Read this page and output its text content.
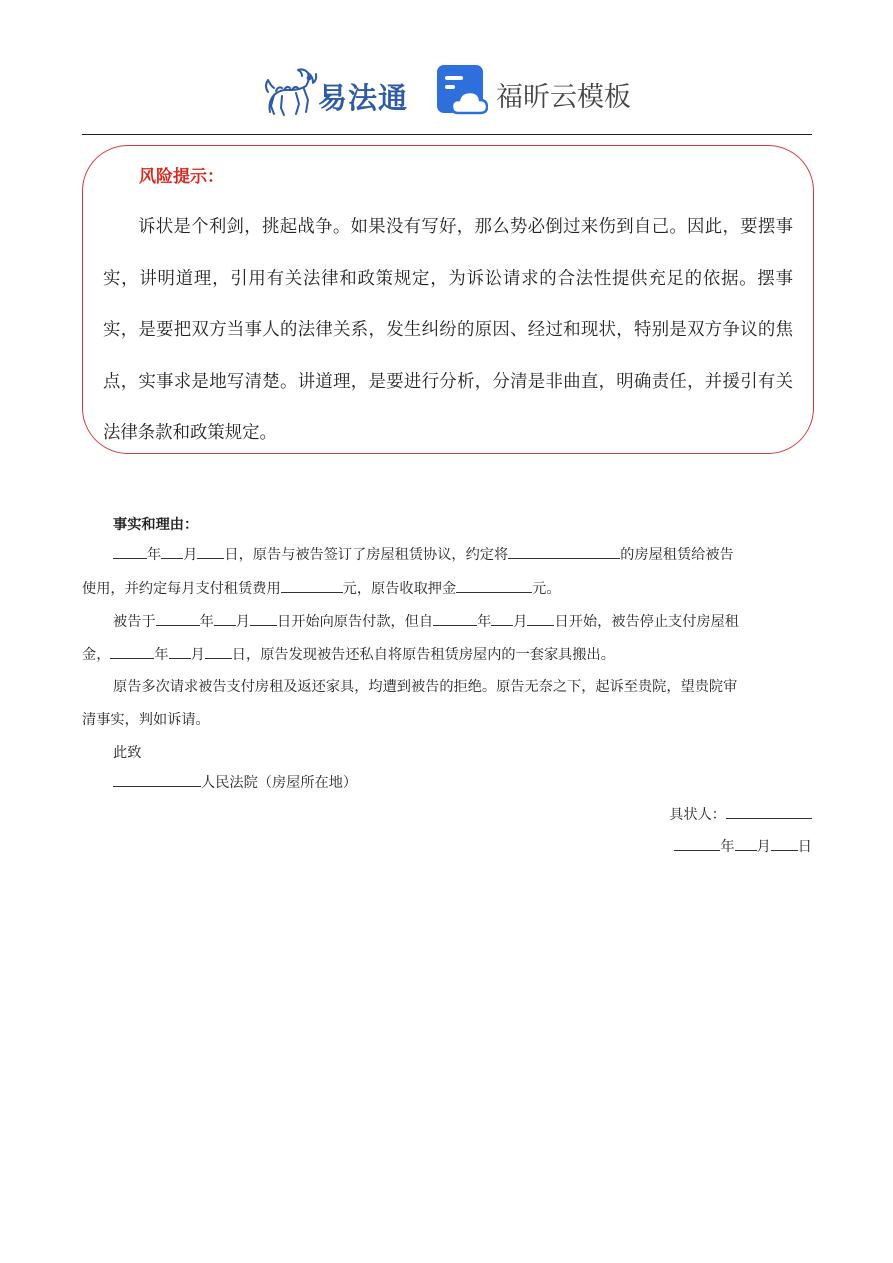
易法通	福昕云模板
风险提示：

诉状是个利剑，挑起战争。如果没有写好，那么势必倒过来伤到自己。因此，要摆事实，讲明道理，引用有关法律和政策规定，为诉讼请求的合法性提供充足的依据。摆事实，是要把双方当事人的法律关系，发生纠纷的原因、经过和现状，特别是双方争议的焦点，实事求是地写清楚。讲道理，是要进行分析，分清是非曲直，明确责任，并援引有关法律条款和政策规定。

事实和理由：
年 月 日，原告与被告签订了房屋租赁协议，约定将	的房屋租赁给被告
使用，并约定每月支付租赁费用	元，原告收取押金	元。
被告于	年 月 日开始向原告付款，但自	年 月 日开始，被告停止支付房屋租
金，	年 月 日，原告发现被告还私自将原告租赁房屋内的一套家具搬出。
原告多次请求被告支付房租及返还家具，均遭到被告的拒绝。原告无奈之下，起诉至贵院，望贵院审
清事实，判如诉请。
此致
人民法院（房屋所在地）
具状人：
年 月 日
